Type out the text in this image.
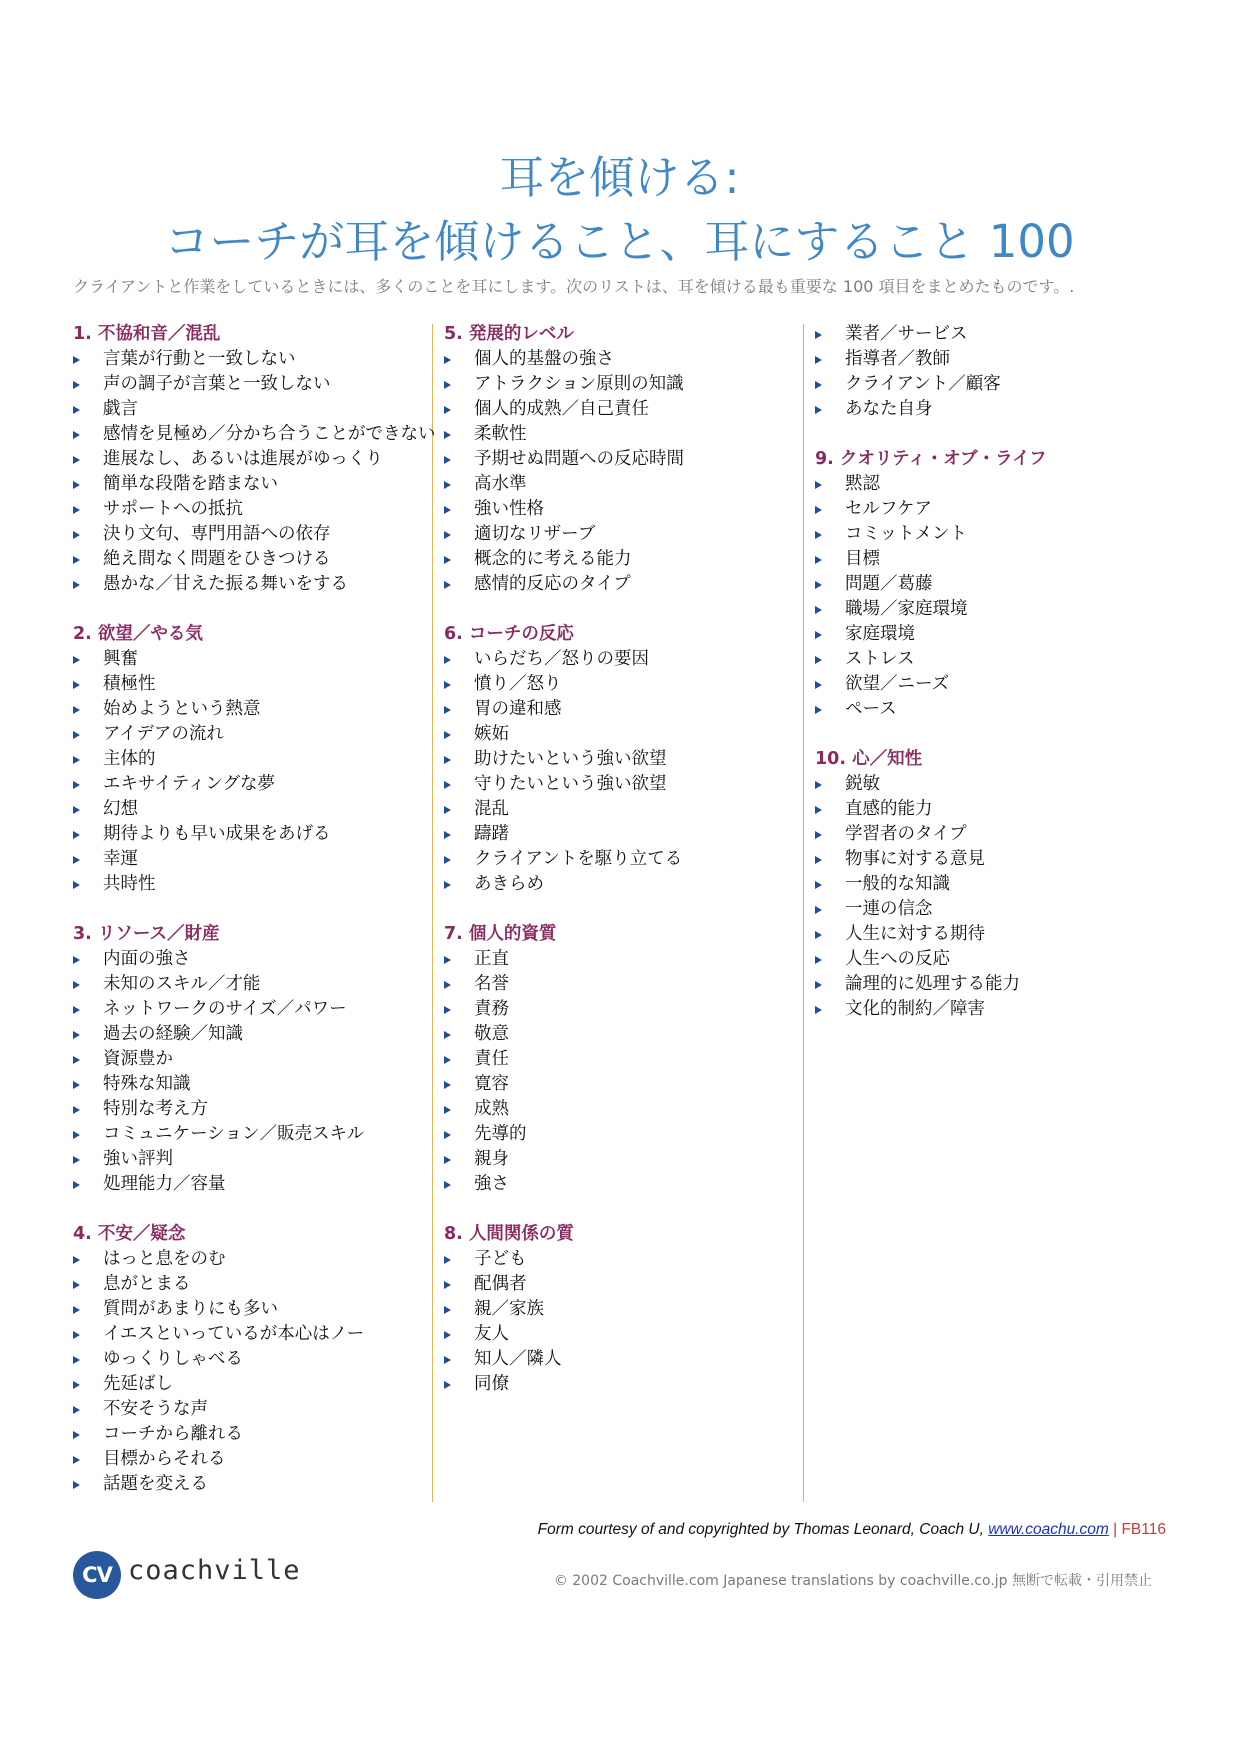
耳を傾ける:
コーチが耳を傾けること、耳にすること 100

クライアントと作業をしているときには、多くのことを耳にします。次のリストは、耳を傾ける最も重要な 100 項目をまとめたものです。.

1. 不協和音／混乱
言葉が行動と一致しない
声の調子が言葉と一致しない
戯言
感情を見極め／分かち合うことができない
進展なし、あるいは進展がゆっくり
簡単な段階を踏まない
サポートへの抵抗
決り文句、専門用語への依存
絶え間なく問題をひきつける
愚かな／甘えた振る舞いをする
2. 欲望／やる気
興奮
積極性
始めようという熱意
アイデアの流れ
主体的
エキサイティングな夢
幻想
期待よりも早い成果をあげる
幸運
共時性
3. リソース／財産
内面の強さ
未知のスキル／才能
ネットワークのサイズ／パワー
過去の経験／知識
資源豊か
特殊な知識
特別な考え方
コミュニケーション／販売スキル
強い評判
処理能力／容量
4. 不安／疑念
はっと息をのむ
息がとまる
質問があまりにも多い
イエスといっているが本心はノー
ゆっくりしゃべる
先延ばし
不安そうな声
コーチから離れる
目標からそれる
話題を変える
5. 発展的レベル
個人的基盤の強さ
アトラクション原則の知識
個人的成熟／自己責任
柔軟性
予期せぬ問題への反応時間
高水準
強い性格
適切なリザーブ
概念的に考える能力
感情的反応のタイプ
6. コーチの反応
いらだち／怒りの要因
憤り／怒り
胃の違和感
嫉妬
助けたいという強い欲望
守りたいという強い欲望
混乱
躊躇
クライアントを駆り立てる
あきらめ
7. 個人的資質
正直
名誉
責務
敬意
責任
寛容
成熟
先導的
親身
強さ
8. 人間関係の質
子ども
配偶者
親／家族
友人
知人／隣人
同僚
業者／サービス
指導者／教師
クライアント／顧客
あなた自身
9. クオリティ・オブ・ライフ
黙認
セルフケア
コミットメント
目標
問題／葛藤
職場／家庭環境
家庭環境
ストレス
欲望／ニーズ
ペース
10. 心／知性
鋭敏
直感的能力
学習者のタイプ
物事に対する意見
一般的な知識
一連の信念
人生に対する期待
人生への反応
論理的に処理する能力
文化的制約／障害
Form courtesy of and copyrighted by Thomas Leonard, Coach U, www.coachu.com | FB116
CV coachville	© 2002 Coachville.com Japanese translations by coachville.co.jp 無断で転載・引用禁止
